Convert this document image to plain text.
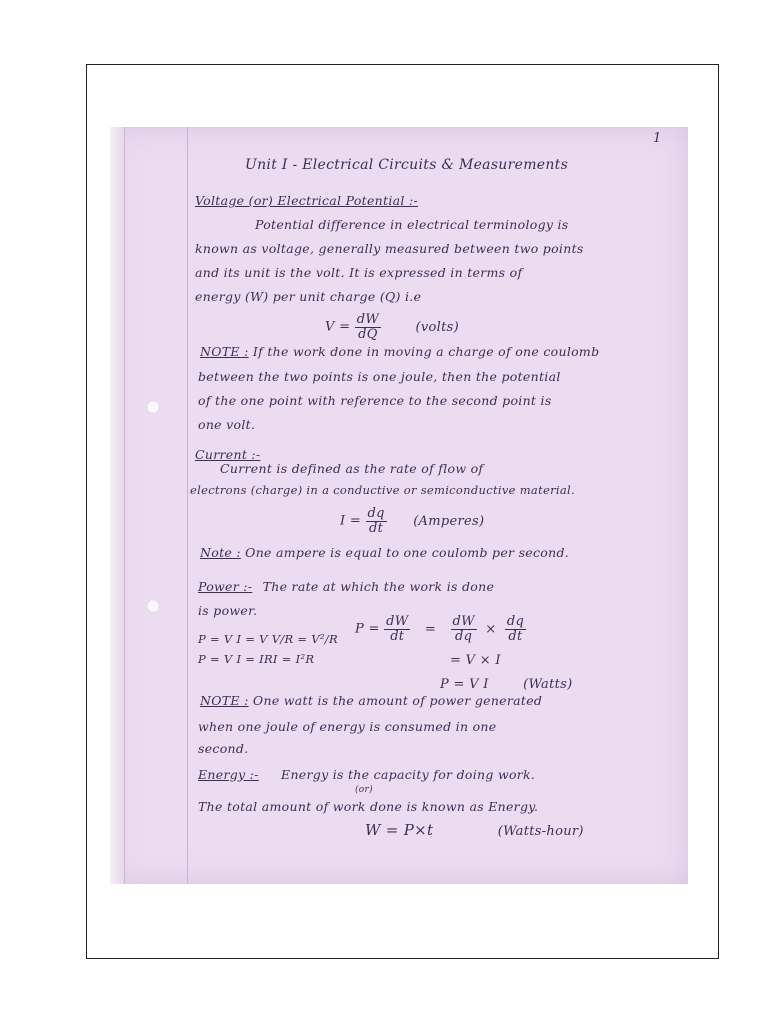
1
Unit I - Electrical Circuits & Measurements
Voltage (or) Electrical Potential :-
Potential difference in electrical terminology is
known as voltage, generally measured between two points
and its unit is the volt. It is expressed in terms of
energy (W) per unit charge (Q) i.e
$V = \frac{dW}{dQ}$	(volts)
NOTE : If the work done in moving a charge of one coulomb
between the two points is one joule, then the potential
of the one point with reference to the second point is
one volt.
Current :-
Current is defined as the rate of flow of
electrons (charge) in a conductive or semiconductive material.
$I = \frac{dq}{dt}$ (Amperes)
Note : One ampere is equal to one coulomb per second.
Power :- The rate at which the work is done
is power.
$P = \frac{dW}{dt} = \frac{dW}{dq} \times \frac{dq}{dt}$
P = V I = V V/R = V²/R
P = V I = IRI = I²R	= V × I
P = V I	(Watts)
NOTE : One watt is the amount of power generated
when one joule of energy is consumed in one
second.
Energy :- Energy is the capacity for doing work.
(or)
The total amount of work done is known as Energy.
W = P×t	(Watts-hour)
